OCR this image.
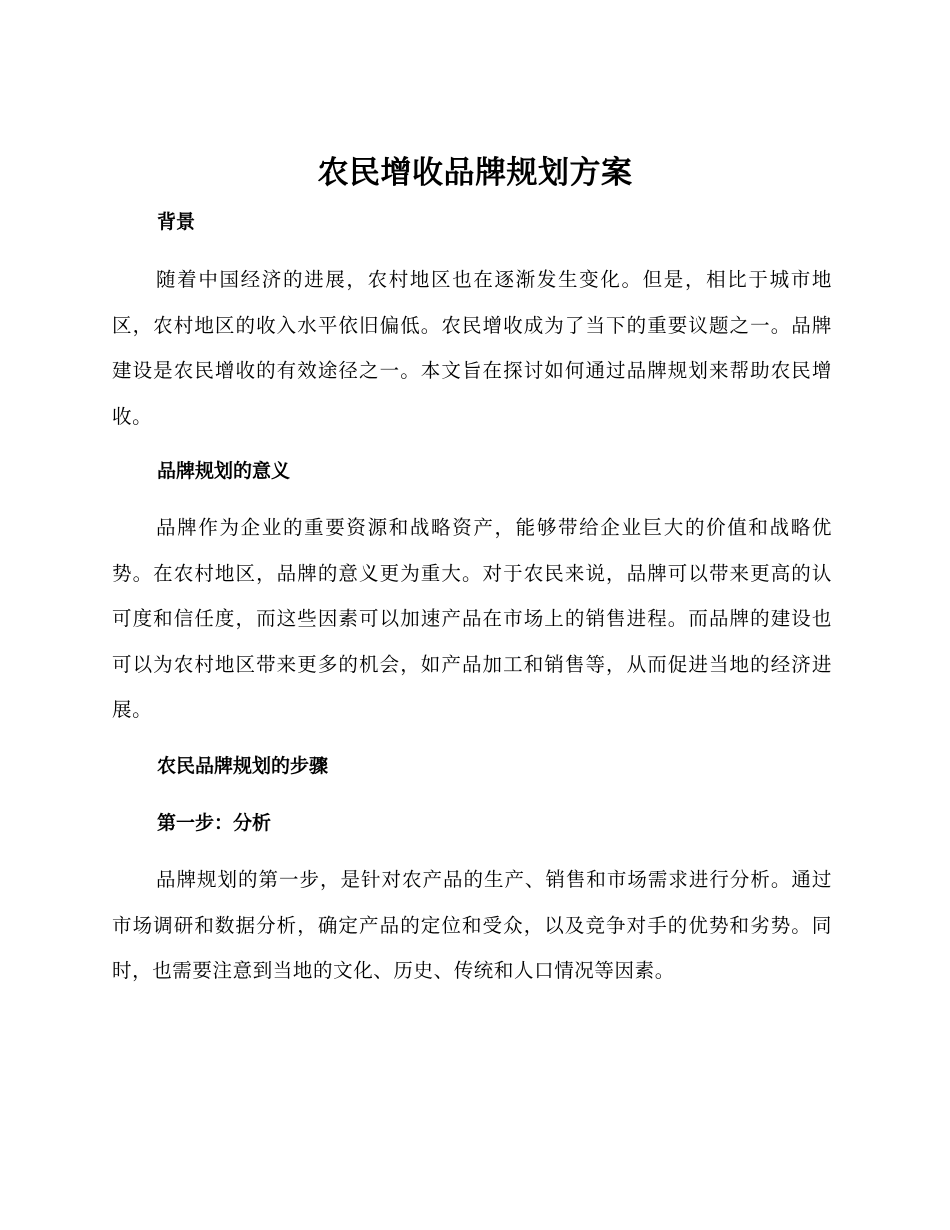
农民增收品牌规划方案
背景

随着中国经济的进展，农村地区也在逐渐发生变化。但是，相比于城市地区，农村地区的收入水平依旧偏低。农民增收成为了当下的重要议题之一。品牌建设是农民增收的有效途径之一。本文旨在探讨如何通过品牌规划来帮助农民增收。

品牌规划的意义

品牌作为企业的重要资源和战略资产，能够带给企业巨大的价值和战略优势。在农村地区，品牌的意义更为重大。对于农民来说，品牌可以带来更高的认可度和信任度，而这些因素可以加速产品在市场上的销售进程。而品牌的建设也可以为农村地区带来更多的机会，如产品加工和销售等，从而促进当地的经济进展。

农民品牌规划的步骤
第一步：分析

品牌规划的第一步，是针对农产品的生产、销售和市场需求进行分析。通过市场调研和数据分析，确定产品的定位和受众，以及竞争对手的优势和劣势。同时，也需要注意到当地的文化、历史、传统和人口情况等因素。
